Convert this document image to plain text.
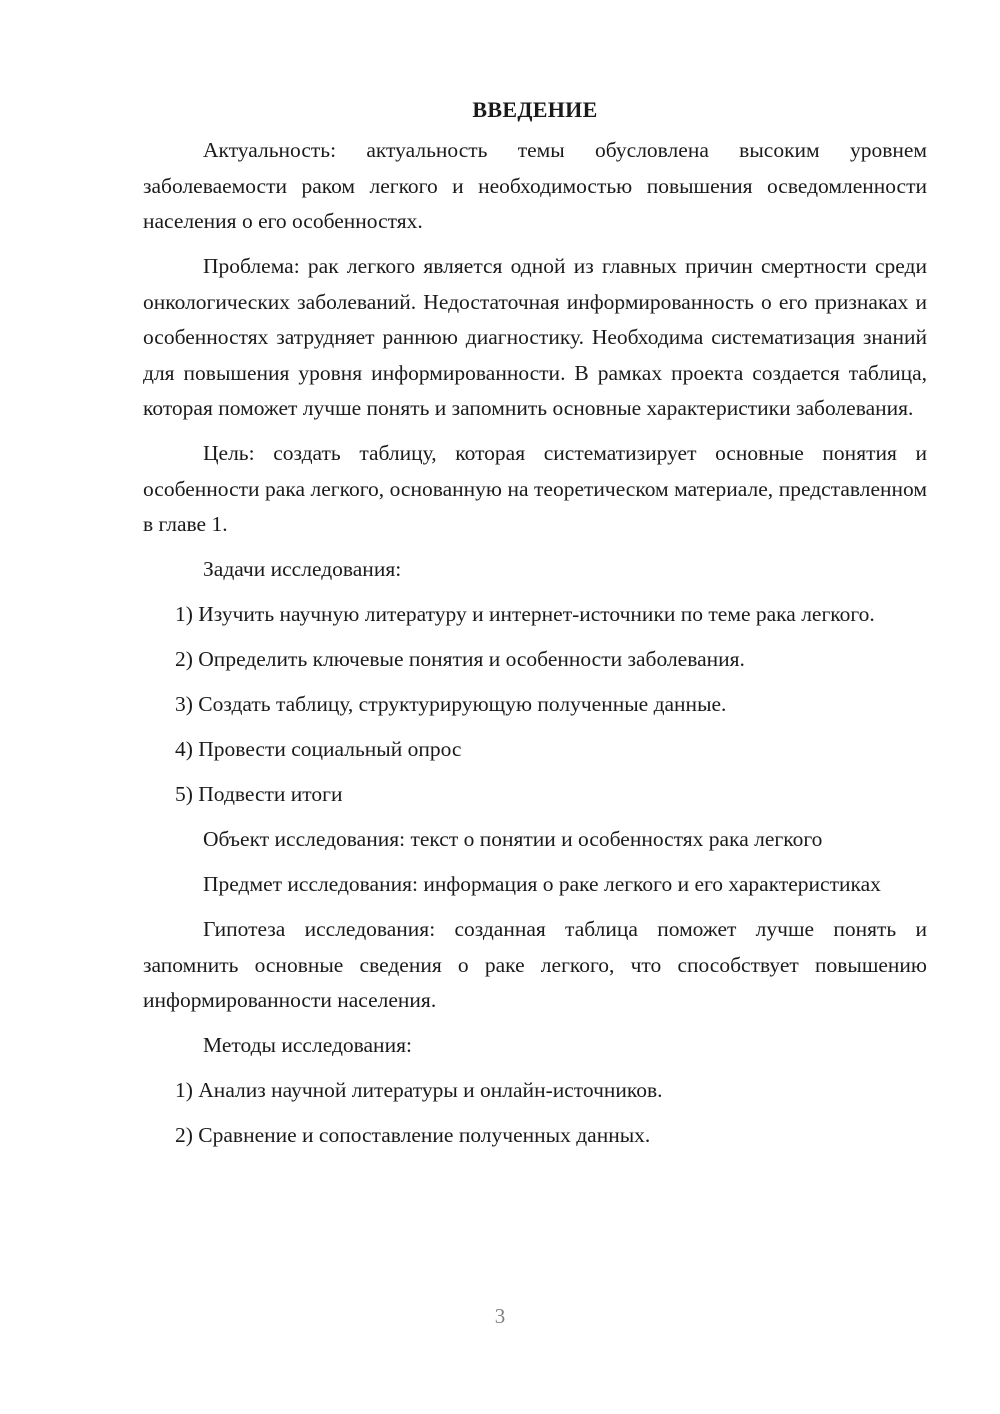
ВВЕДЕНИЕ

Актуальность: актуальность темы обусловлена высоким уровнем заболеваемости раком легкого и необходимостью повышения осведомленности населения о его особенностях.

Проблема: рак легкого является одной из главных причин смертности среди онкологических заболеваний. Недостаточная информированность о его признаках и особенностях затрудняет раннюю диагностику. Необходима систематизация знаний для повышения уровня информированности. В рамках проекта создается таблица, которая поможет лучше понять и запомнить основные характеристики заболевания.

Цель: создать таблицу, которая систематизирует основные понятия и особенности рака легкого, основанную на теоретическом материале, представленном в главе 1.

Задачи исследования:

1) Изучить научную литературу и интернет-источники по теме рака легкого.

2) Определить ключевые понятия и особенности заболевания.

3) Создать таблицу, структурирующую полученные данные.

4) Провести социальный опрос

5) Подвести итоги

Объект исследования: текст о понятии и особенностях рака легкого

Предмет исследования: информация о раке легкого и его характеристиках

Гипотеза исследования: созданная таблица поможет лучше понять и запомнить основные сведения о раке легкого, что способствует повышению информированности населения.

Методы исследования:

1) Анализ научной литературы и онлайн-источников.

2) Сравнение и сопоставление полученных данных.

3
